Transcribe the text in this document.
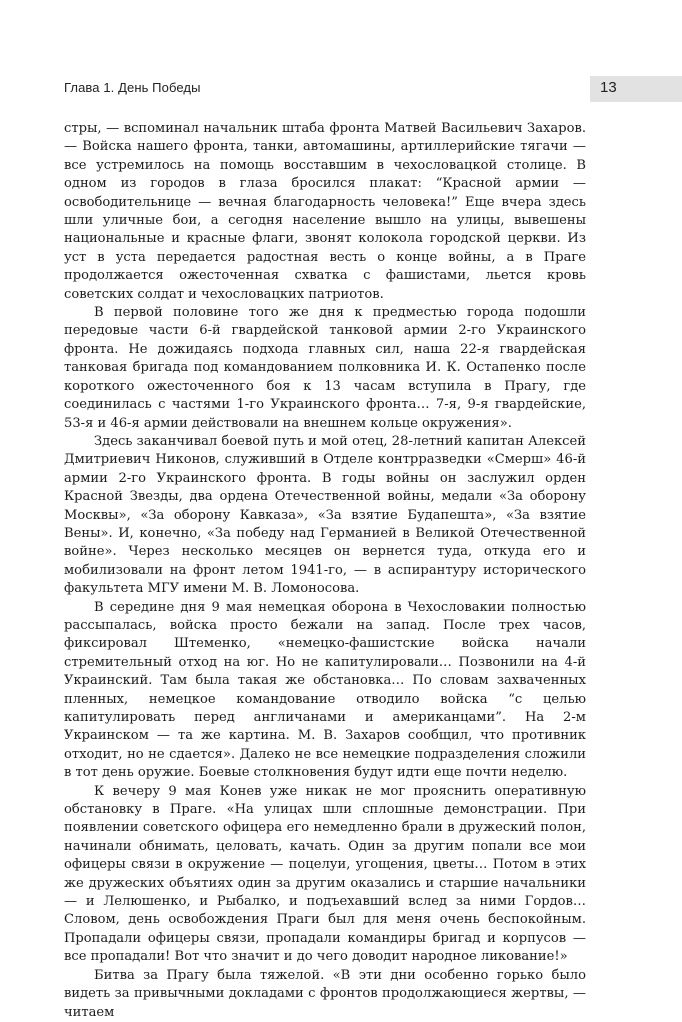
Глава 1. День Победы	13

стры, — вспоминал начальник штаба фронта Матвей Васильевич Захаров. — Войска нашего фронта, танки, автомашины, артиллерийские тягачи — все устремилось на помощь восставшим в чехословацкой столице. В одном из городов в глаза бросился плакат: “Красной армии — освободительнице — вечная благодарность человека!” Еще вчера здесь шли уличные бои, а сегодня население вышло на улицы, вывешены национальные и красные флаги, звонят колокола городской церкви. Из уст в уста передается радостная весть о конце войны, а в Праге продолжается ожесточенная схватка с фашистами, льется кровь советских солдат и чехословацких патриотов.

В первой половине того же дня к предместью города подошли передовые части 6-й гвардейской танковой армии 2-го Украинского фронта. Не дожидаясь подхода главных сил, наша 22-я гвардейская танковая бригада под командованием полковника И. К. Остапенко после короткого ожесточенного боя к 13 часам вступила в Прагу, где соединилась с частями 1-го Украинского фронта… 7-я, 9-я гвардейские, 53-я и 46-я армии действовали на внешнем кольце окружения».

Здесь заканчивал боевой путь и мой отец, 28-летний капитан Алексей Дмитриевич Никонов, служивший в Отделе контрразведки «Смерш» 46-й армии 2-го Украинского фронта. В годы войны он заслужил орден Красной Звезды, два ордена Отечественной войны, медали «За оборону Москвы», «За оборону Кавказа», «За взятие Будапешта», «За взятие Вены». И, конечно, «За победу над Германией в Великой Отечественной войне». Через несколько месяцев он вернется туда, откуда его и мобилизовали на фронт летом 1941-го, — в аспирантуру исторического факультета МГУ имени М. В. Ломоносова.

В середине дня 9 мая немецкая оборона в Чехословакии полностью рассыпалась, войска просто бежали на запад. После трех часов, фиксировал Штеменко, «немецко-фашистские войска начали стремительный отход на юг. Но не капитулировали… Позвонили на 4-й Украинский. Там была такая же обстановка… По словам захваченных пленных, немецкое командование отводило войска “с целью капитулировать перед англичанами и американцами”. На 2-м Украинском — та же картина. М. В. Захаров сообщил, что противник отходит, но не сдается». Далеко не все немецкие подразделения сложили в тот день оружие. Боевые столкновения будут идти еще почти неделю.

К вечеру 9 мая Конев уже никак не мог прояснить оперативную обстановку в Праге. «На улицах шли сплошные демонстрации. При появлении советского офицера его немедленно брали в дружеский полон, начинали обнимать, целовать, качать. Один за другим попали все мои офицеры связи в окружение — поцелуи, угощения, цветы… Потом в этих же дружеских объятиях один за другим оказались и старшие начальники — и Лелюшенко, и Рыбалко, и подъехавший вслед за ними Гордов… Словом, день освобождения Праги был для меня очень беспокойным. Пропадали офицеры связи, пропадали командиры бригад и корпусов — все пропадали! Вот что значит и до чего доводит народное ликование!»

Битва за Прагу была тяжелой. «В эти дни особенно горько было видеть за привычными докладами с фронтов продолжающиеся жертвы, — читаем
